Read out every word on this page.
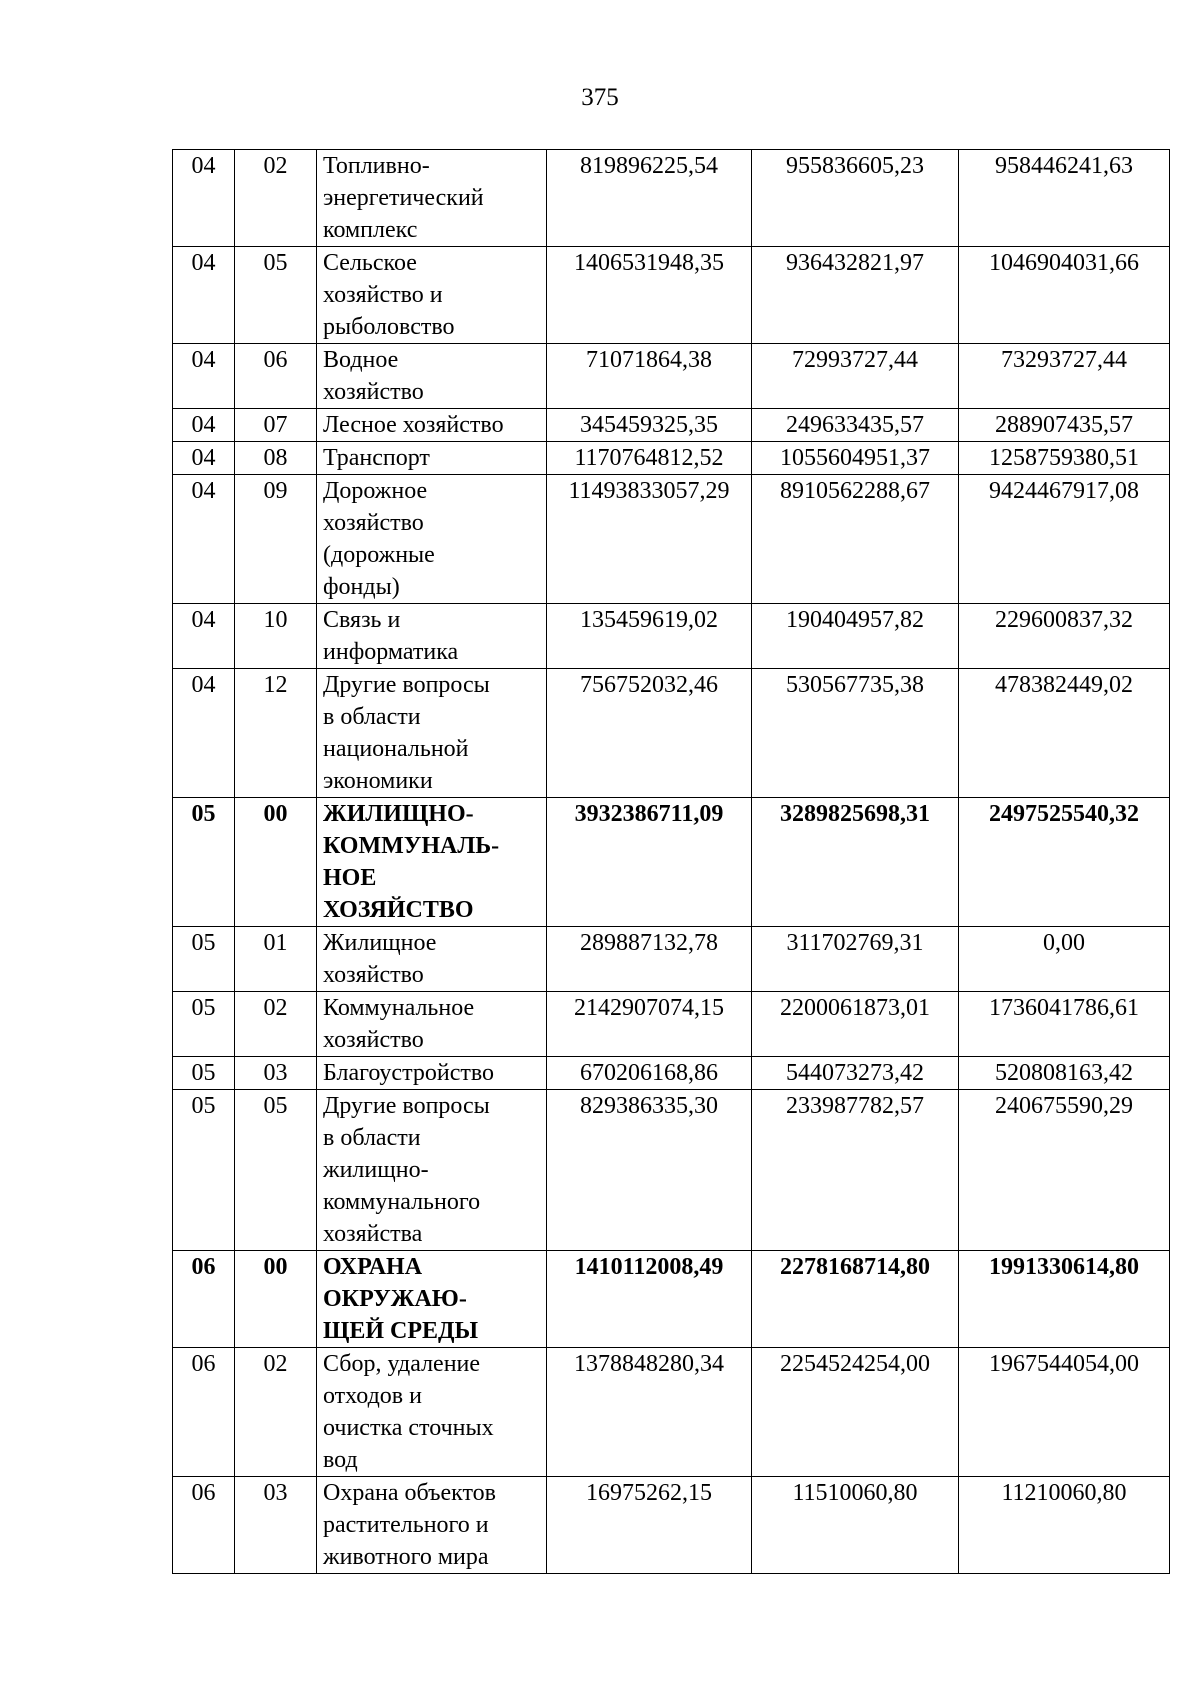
375
04	02	Топливно-
энергетический
комплекс	819896225,54	955836605,23	958446241,63
04	05	Сельское
хозяйство и
рыболовство	1406531948,35	936432821,97	1046904031,66
04	06	Водное
хозяйство	71071864,38	72993727,44	73293727,44
04	07	Лесное хозяйство	345459325,35	249633435,57	288907435,57
04	08	Транспорт	1170764812,52	1055604951,37	1258759380,51
04	09	Дорожное
хозяйство
(дорожные
фонды)	11493833057,29	8910562288,67	9424467917,08
04	10	Связь и
информатика	135459619,02	190404957,82	229600837,32
04	12	Другие вопросы
в области
национальной
экономики	756752032,46	530567735,38	478382449,02
05	00	ЖИЛИЩНО-
КОММУНАЛЬ-
НОЕ
ХОЗЯЙСТВО	3932386711,09	3289825698,31	2497525540,32
05	01	Жилищное
хозяйство	289887132,78	311702769,31	0,00
05	02	Коммунальное
хозяйство	2142907074,15	2200061873,01	1736041786,61
05	03	Благоустройство	670206168,86	544073273,42	520808163,42
05	05	Другие вопросы
в области
жилищно-
коммунального
хозяйства	829386335,30	233987782,57	240675590,29
06	00	ОХРАНА
ОКРУЖАЮ-
ЩЕЙ СРЕДЫ	1410112008,49	2278168714,80	1991330614,80
06	02	Сбор, удаление
отходов и
очистка сточных
вод	1378848280,34	2254524254,00	1967544054,00
06	03	Охрана объектов
растительного и
животного мира	16975262,15	11510060,80	11210060,80
